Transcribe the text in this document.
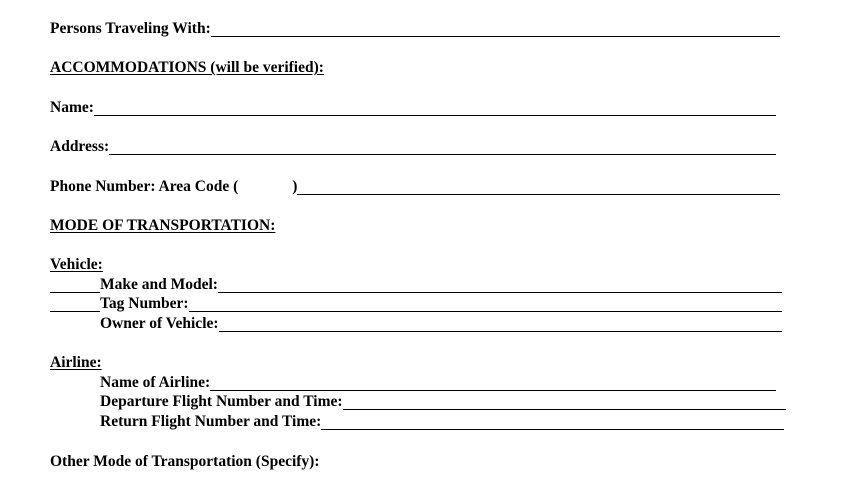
Persons Traveling With:
ACCOMMODATIONS (will be verified):
Name:
Address:
Phone Number: Area Code (	)
MODE OF TRANSPORTATION:
Vehicle:
Make and Model:
Tag Number:
Owner of Vehicle:
Airline:
Name of Airline:
Departure Flight Number and Time:
Return Flight Number and Time:
Other Mode of Transportation (Specify):
